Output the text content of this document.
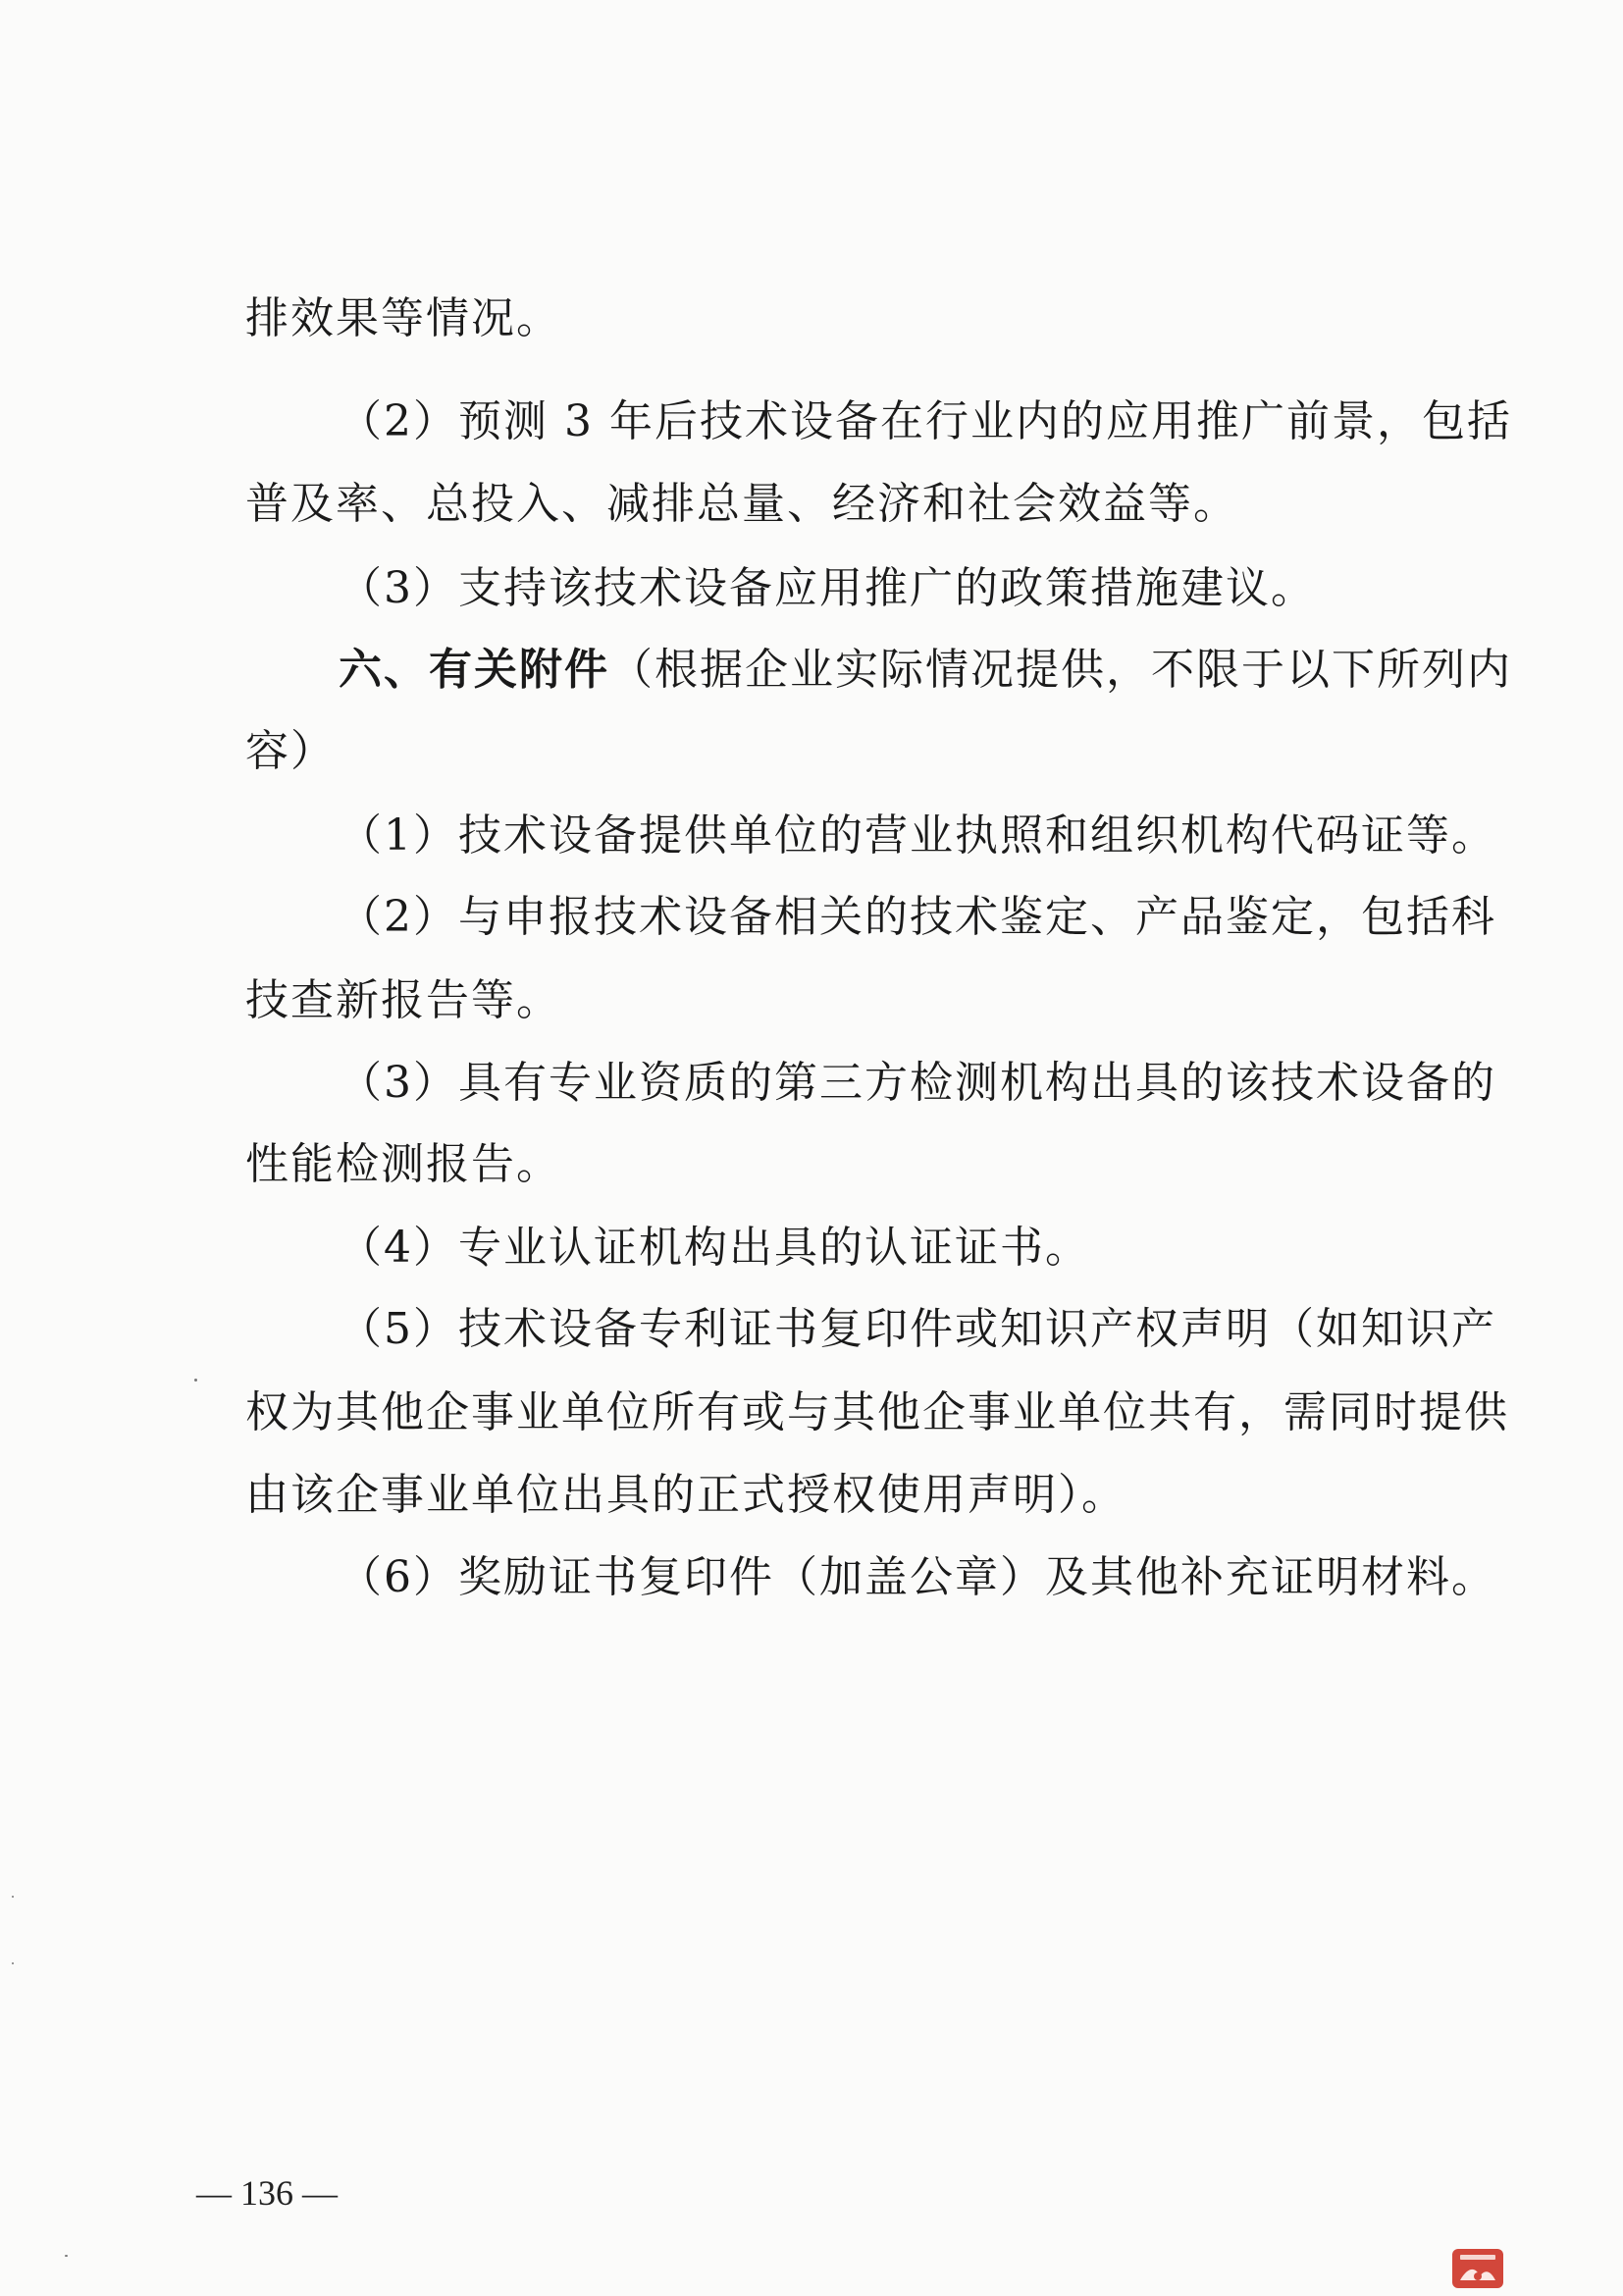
排效果等情况。
（2）预测 3 年后技术设备在行业内的应用推广前景，包括
普及率、总投入、减排总量、经济和社会效益等。
（3）支持该技术设备应用推广的政策措施建议。
六、有关附件（根据企业实际情况提供，不限于以下所列内
容）
（1）技术设备提供单位的营业执照和组织机构代码证等。
（2）与申报技术设备相关的技术鉴定、产品鉴定，包括科
技查新报告等。
（3）具有专业资质的第三方检测机构出具的该技术设备的
性能检测报告。
（4）专业认证机构出具的认证证书。
（5）技术设备专利证书复印件或知识产权声明（如知识产
权为其他企事业单位所有或与其他企事业单位共有，需同时提供
由该企事业单位出具的正式授权使用声明）。
（6）奖励证书复印件（加盖公章）及其他补充证明材料。
— 136 —
